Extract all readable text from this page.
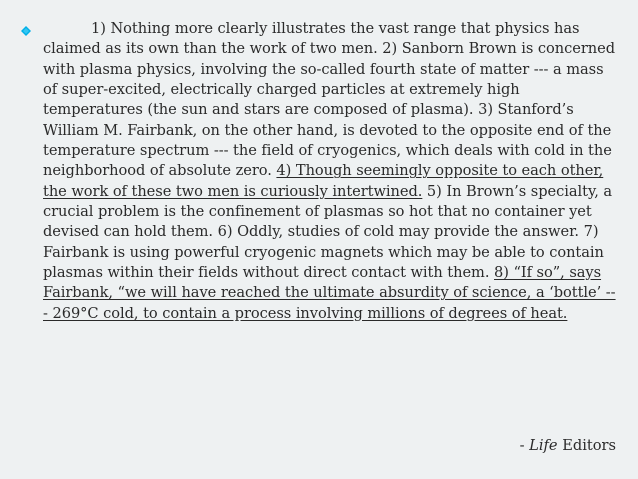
1) Nothing more clearly illustrates the vast range that physics has claimed as its own than the work of two men. 2) Sanborn Brown is concerned with plasma physics, involving the so-called fourth state of matter --- a mass of super-excited, electrically charged particles at extremely high temperatures (the sun and stars are composed of plasma). 3) Stanford’s William M. Fairbank, on the other hand, is devoted to the opposite end of the temperature spectrum --- the field of cryogenics, which deals with cold in the neighborhood of absolute zero. 4) Though seemingly opposite to each other, the work of these two men is curiously intertwined. 5) In Brown’s specialty, a crucial problem is the confinement of plasmas so hot that no container yet devised can hold them. 6) Oddly, studies of cold may provide the answer. 7) Fairbank is using powerful cryogenic magnets which may be able to contain plasmas within their fields without direct contact with them. 8) “If so”, says Fairbank, “we will have reached the ultimate absurdity of science, a ‘bottle’ --- 269°C cold, to contain a process involving millions of degrees of heat.

- Life Editors
